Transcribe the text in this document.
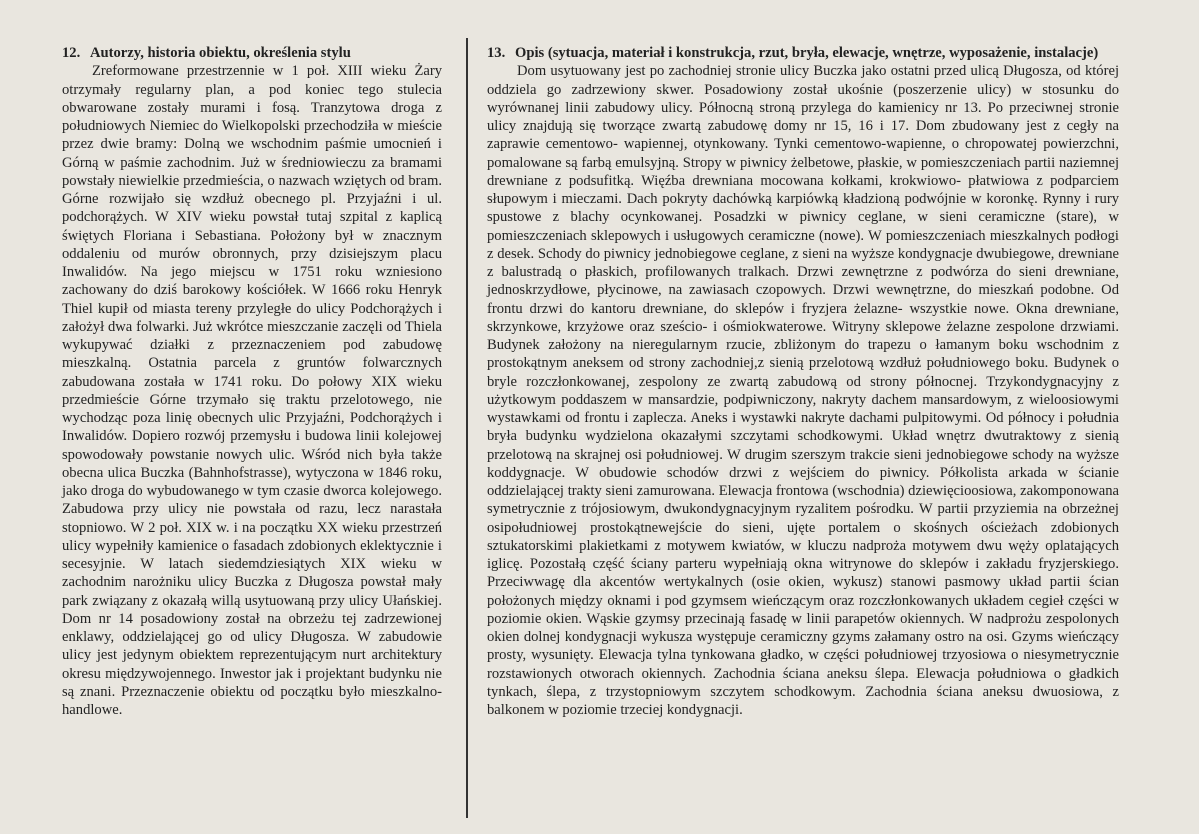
12. Autorzy, historia obiektu, określenia stylu

Zreformowane przestrzennie w 1 poł. XIII wieku Żary otrzymały regularny plan, a pod koniec tego stulecia obwarowane zostały murami i fosą. Tranzytowa droga z południowych Niemiec do Wielkopolski przechodziła w mieście przez dwie bramy: Dolną we wschodnim paśmie umocnień i Górną w paśmie zachodnim. Już w średniowieczu za bramami powstały niewielkie przedmieścia, o nazwach wziętych od bram. Górne rozwijało się wzdłuż obecnego pl. Przyjaźni i ul. podchorążych. W XIV wieku powstał tutaj szpital z kaplicą świętych Floriana i Sebastiana. Położony był w znacznym oddaleniu od murów obronnych, przy dzisiejszym placu Inwalidów. Na jego miejscu w 1751 roku wzniesiono zachowany do dziś barokowy kościółek. W 1666 roku Henryk Thiel kupił od miasta tereny przyległe do ulicy Podchorążych i założył dwa folwarki. Już wkrótce mieszczanie zaczęli od Thiela wykupywać działki z przeznaczeniem pod zabudowę mieszkalną. Ostatnia parcela z gruntów folwarcznych zabudowana została w 1741 roku. Do połowy XIX wieku przedmieście Górne trzymało się traktu przelotowego, nie wychodząc poza linię obecnych ulic Przyjaźni, Podchorążych i Inwalidów. Dopiero rozwój przemysłu i budowa linii kolejowej spowodowały powstanie nowych ulic. Wśród nich była także obecna ulica Buczka (Bahnhofstrasse), wytyczona w 1846 roku, jako droga do wybudowanego w tym czasie dworca kolejowego. Zabudowa przy ulicy nie powstała od razu, lecz narastała stopniowo. W 2 poł. XIX w. i na początku XX wieku przestrzeń ulicy wypełniły kamienice o fasadach zdobionych eklektycznie i secesyjnie. W latach siedemdziesiątych XIX wieku w zachodnim narożniku ulicy Buczka z Długosza powstał mały park związany z okazałą willą usytuowaną przy ulicy Ułańskiej. Dom nr 14 posadowiony został na obrzeżu tej zadrzewionej enklawy, oddzielającej go od ulicy Długosza. W zabudowie ulicy jest jedynym obiektem reprezentującym nurt architektury okresu międzywojennego. Inwestor jak i projektant budynku nie są znani. Przeznaczenie obiektu od początku było mieszkalno- handlowe.

13. Opis (sytuacja, materiał i konstrukcja, rzut, bryła, elewacje, wnętrze, wyposażenie, instalacje)

Dom usytuowany jest po zachodniej stronie ulicy Buczka jako ostatni przed ulicą Długosza, od której oddziela go zadrzewiony skwer. Posadowiony został ukośnie (poszerzenie ulicy) w stosunku do wyrównanej linii zabudowy ulicy. Północną stroną przylega do kamienicy nr 13. Po przeciwnej stronie ulicy znajdują się tworzące zwartą zabudowę domy nr 15, 16 i 17. Dom zbudowany jest z cegły na zaprawie cementowo- wapiennej, otynkowany. Tynki cementowo-wapienne, o chropowatej powierzchni, pomalowane są farbą emulsyjną. Stropy w piwnicy żelbetowe, płaskie, w pomieszczeniach partii naziemnej drewniane z podsufitką. Więźba drewniana mocowana kołkami, krokwiowo- płatwiowa z podparciem słupowym i mieczami. Dach pokryty dachówką karpiówką kładzioną podwójnie w koronkę. Rynny i rury spustowe z blachy ocynkowanej. Posadzki w piwnicy ceglane, w sieni ceramiczne (stare), w pomieszczeniach sklepowych i usługowych ceramiczne (nowe). W pomieszczeniach mieszkalnych podłogi z desek. Schody do piwnicy jednobiegowe ceglane, z sieni na wyższe kondygnacje dwubiegowe, drewniane z balustradą o płaskich, profilowanych tralkach. Drzwi zewnętrzne z podwórza do sieni drewniane, jednoskrzydłowe, płycinowe, na zawiasach czopowych. Drzwi wewnętrzne, do mieszkań podobne. Od frontu drzwi do kantoru drewniane, do sklepów i fryzjera żelazne- wszystkie nowe. Okna drewniane, skrzynkowe, krzyżowe oraz sześcio- i ośmiokwaterowe. Witryny sklepowe żelazne zespolone drzwiami. Budynek założony na nieregularnym rzucie, zbliżonym do trapezu o łamanym boku wschodnim z prostokątnym aneksem od strony zachodniej,z sienią przelotową wzdłuż południowego boku. Budynek o bryle rozczłonkowanej, zespolony ze zwartą zabudową od strony północnej. Trzykondygnacyjny z użytkowym poddaszem w mansardzie, podpiwniczony, nakryty dachem mansardowym, z wieloosiowymi wystawkami od frontu i zaplecza. Aneks i wystawki nakryte dachami pulpitowymi. Od północy i południa bryła budynku wydzielona okazałymi szczytami schodkowymi. Układ wnętrz dwutraktowy z sienią przelotową na skrajnej osi południowej. W drugim szerszym trakcie sieni jednobiegowe schody na wyższe koddygnacje. W obudowie schodów drzwi z wejściem do piwnicy. Półkolista arkada w ścianie oddzielającej trakty sieni zamurowana. Elewacja frontowa (wschodnia) dziewięcioosiowa, zakomponowana symetrycznie z trójosiowym, dwukondygnacyjnym ryzalitem pośrodku. W partii przyziemia na obrzeżnej osipołudniowej prostokątnewejście do sieni, ujęte portalem o skośnych ościeżach zdobionych sztukatorskimi plakietkami z motywem kwiatów, w kluczu nadproża motywem dwu węży oplatających iglicę. Pozostałą część ściany parteru wypełniają okna witrynowe do sklepów i zakładu fryzjerskiego. Przeciwwagę dla akcentów wertykalnych (osie okien, wykusz) stanowi pasmowy układ partii ścian położonych między oknami i pod gzymsem wieńczącym oraz rozczłonkowanych układem cegieł części w poziomie okien. Wąskie gzymsy przecinają fasadę w linii parapetów okiennych. W nadprożu zespolonych okien dolnej kondygnacji wykusza występuje ceramiczny gzyms załamany ostro na osi. Gzyms wieńczący prosty, wysunięty. Elewacja tylna tynkowana gładko, w części południowej trzyosiowa o niesymetrycznie rozstawionych otworach okiennych. Zachodnia ściana aneksu ślepa. Elewacja południowa o gładkich tynkach, ślepa, z trzystopniowym szczytem schodkowym. Zachodnia ściana aneksu dwuosiowa, z balkonem w poziomie trzeciej kondygnacji.
